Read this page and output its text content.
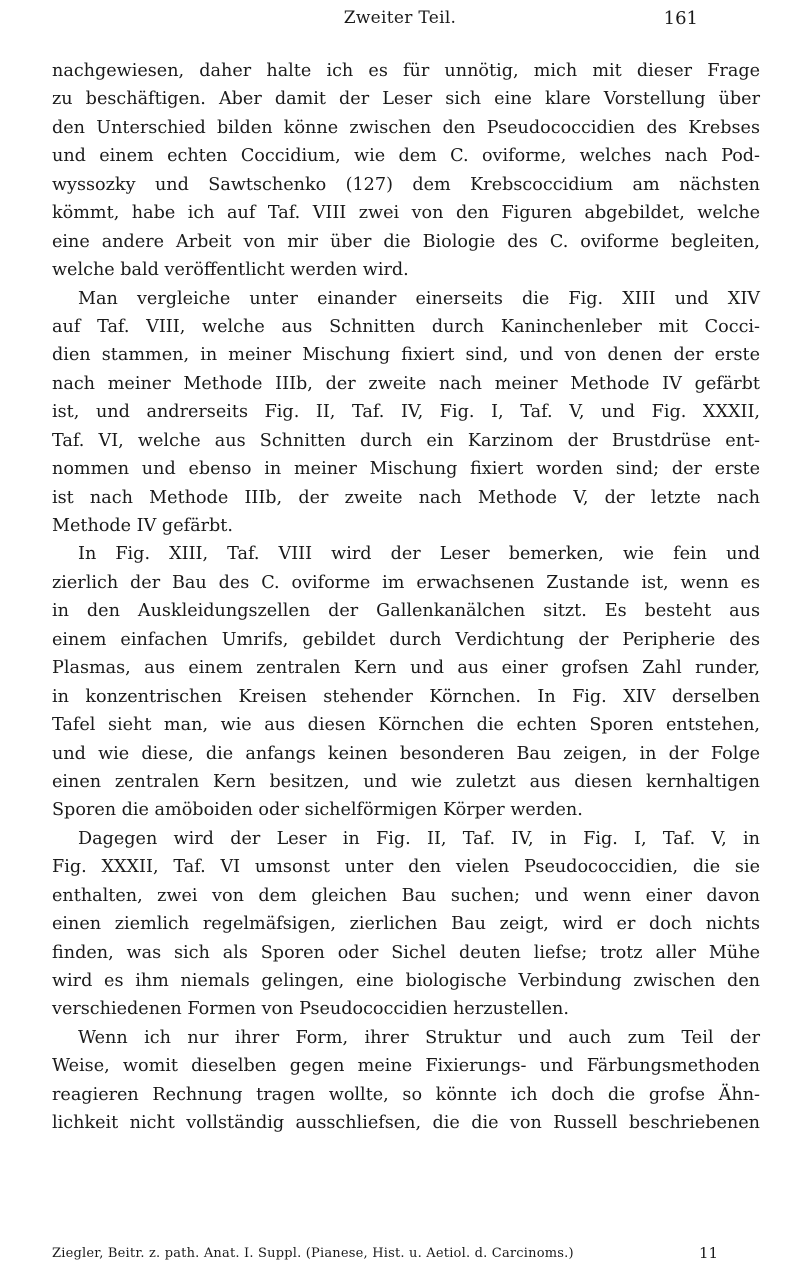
Zweiter Teil.	161
nachgewiesen, daher halte ich es für unnötig, mich mit dieser Frage
zu beschäftigen. Aber damit der Leser sich eine klare Vorstellung über
den Unterschied bilden könne zwischen den Pseudococcidien des Krebses
und einem echten Coccidium, wie dem C. oviforme, welches nach Pod-
wyssozky und Sawtschenko (127) dem Krebscoccidium am nächsten
kömmt, habe ich auf Taf. VIII zwei von den Figuren abgebildet, welche
eine andere Arbeit von mir über die Biologie des C. oviforme begleiten,
welche bald veröffentlicht werden wird.
Man vergleiche unter einander einerseits die Fig. XIII und XIV
auf Taf. VIII, welche aus Schnitten durch Kaninchenleber mit Cocci-
dien stammen, in meiner Mischung fixiert sind, und von denen der erste
nach meiner Methode IIIb, der zweite nach meiner Methode IV gefärbt
ist, und andrerseits Fig. II, Taf. IV, Fig. I, Taf. V, und Fig. XXXII,
Taf. VI, welche aus Schnitten durch ein Karzinom der Brustdrüse ent-
nommen und ebenso in meiner Mischung fixiert worden sind; der erste
ist nach Methode IIIb, der zweite nach Methode V, der letzte nach
Methode IV gefärbt.
In Fig. XIII, Taf. VIII wird der Leser bemerken, wie fein und
zierlich der Bau des C. oviforme im erwachsenen Zustande ist, wenn es
in den Auskleidungszellen der Gallenkanälchen sitzt. Es besteht aus
einem einfachen Umrifs, gebildet durch Verdichtung der Peripherie des
Plasmas, aus einem zentralen Kern und aus einer grofsen Zahl runder,
in konzentrischen Kreisen stehender Körnchen. In Fig. XIV derselben
Tafel sieht man, wie aus diesen Körnchen die echten Sporen entstehen,
und wie diese, die anfangs keinen besonderen Bau zeigen, in der Folge
einen zentralen Kern besitzen, und wie zuletzt aus diesen kernhaltigen
Sporen die amöboiden oder sichelförmigen Körper werden.
Dagegen wird der Leser in Fig. II, Taf. IV, in Fig. I, Taf. V, in
Fig. XXXII, Taf. VI umsonst unter den vielen Pseudococcidien, die sie
enthalten, zwei von dem gleichen Bau suchen; und wenn einer davon
einen ziemlich regelmäfsigen, zierlichen Bau zeigt, wird er doch nichts
finden, was sich als Sporen oder Sichel deuten liefse; trotz aller Mühe
wird es ihm niemals gelingen, eine biologische Verbindung zwischen den
verschiedenen Formen von Pseudococcidien herzustellen.
Wenn ich nur ihrer Form, ihrer Struktur und auch zum Teil der
Weise, womit dieselben gegen meine Fixierungs- und Färbungsmethoden
reagieren Rechnung tragen wollte, so könnte ich doch die grofse Ähn-
lichkeit nicht vollständig ausschliefsen, die die von Russell beschriebenen
Ziegler, Beitr. z. path. Anat. I. Suppl. (Pianese, Hist. u. Aetiol. d. Carcinoms.)	11
